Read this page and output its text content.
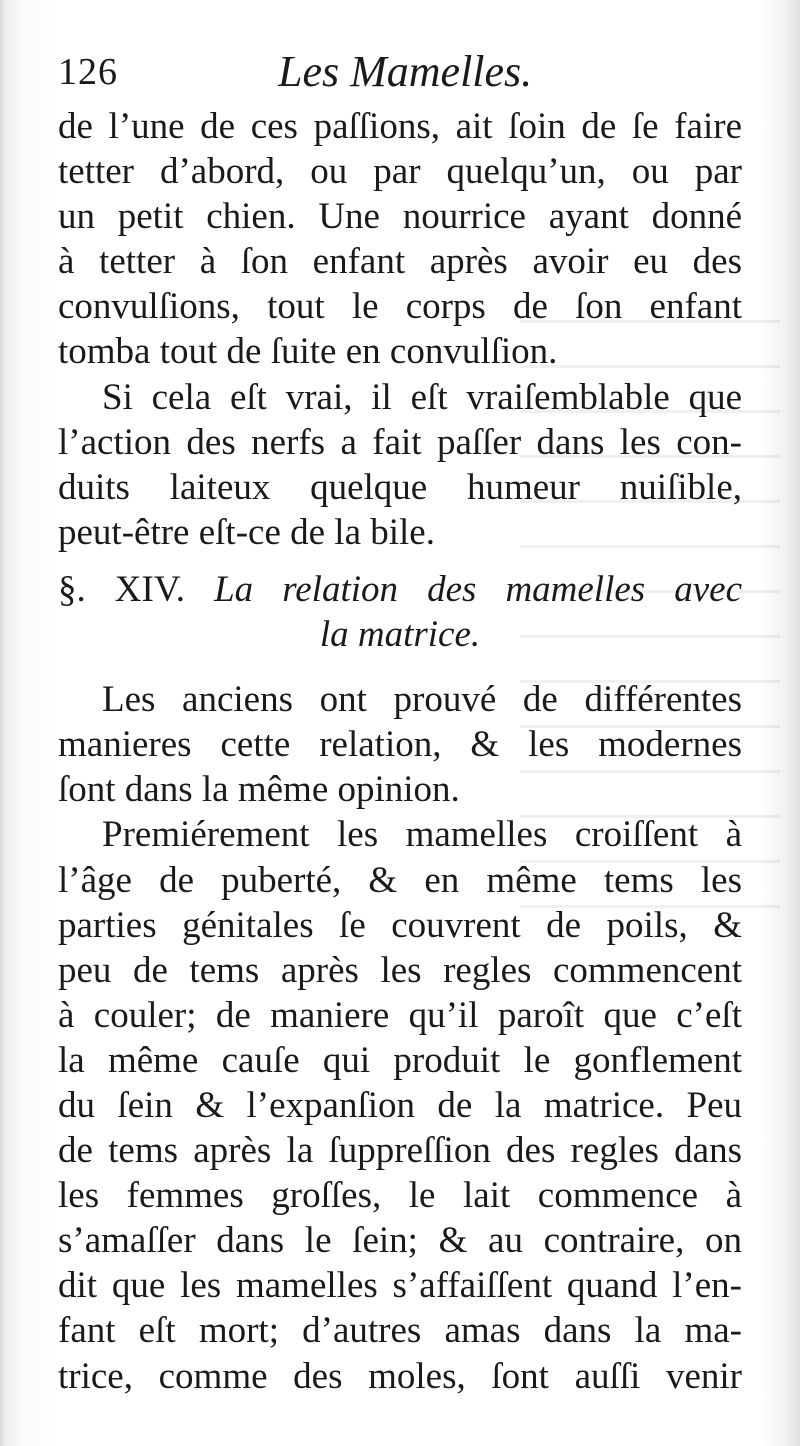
126	Les Mamelles.
de l’une de ces paſſions, ait ſoin de ſe faire
tetter d’abord, ou par quelqu’un, ou par
un petit chien. Une nourrice ayant donné
à tetter à ſon enfant après avoir eu des
convulſions, tout le corps de ſon enfant
tomba tout de ſuite en convulſion.
Si cela eſt vrai, il eſt vraiſemblable que
l’action des nerfs a fait paſſer dans les con-
duits laiteux quelque humeur nuiſible,
peut-être eſt-ce de la bile.
§. XIV. La relation des mamelles avec
la matrice.
Les anciens ont prouvé de différentes
manieres cette relation, & les modernes
ſont dans la même opinion.
Premiérement les mamelles croiſſent à
l’âge de puberté, & en même tems les
parties génitales ſe couvrent de poils, &
peu de tems après les regles commencent
à couler; de maniere qu’il paroît que c’eſt
la même cauſe qui produit le gonflement
du ſein & l’expanſion de la matrice. Peu
de tems après la ſuppreſſion des regles dans
les femmes groſſes, le lait commence à
s’amaſſer dans le ſein; & au contraire, on
dit que les mamelles s’affaiſſent quand l’en-
fant eſt mort; d’autres amas dans la ma-
trice, comme des moles, ſont auſſi venir
